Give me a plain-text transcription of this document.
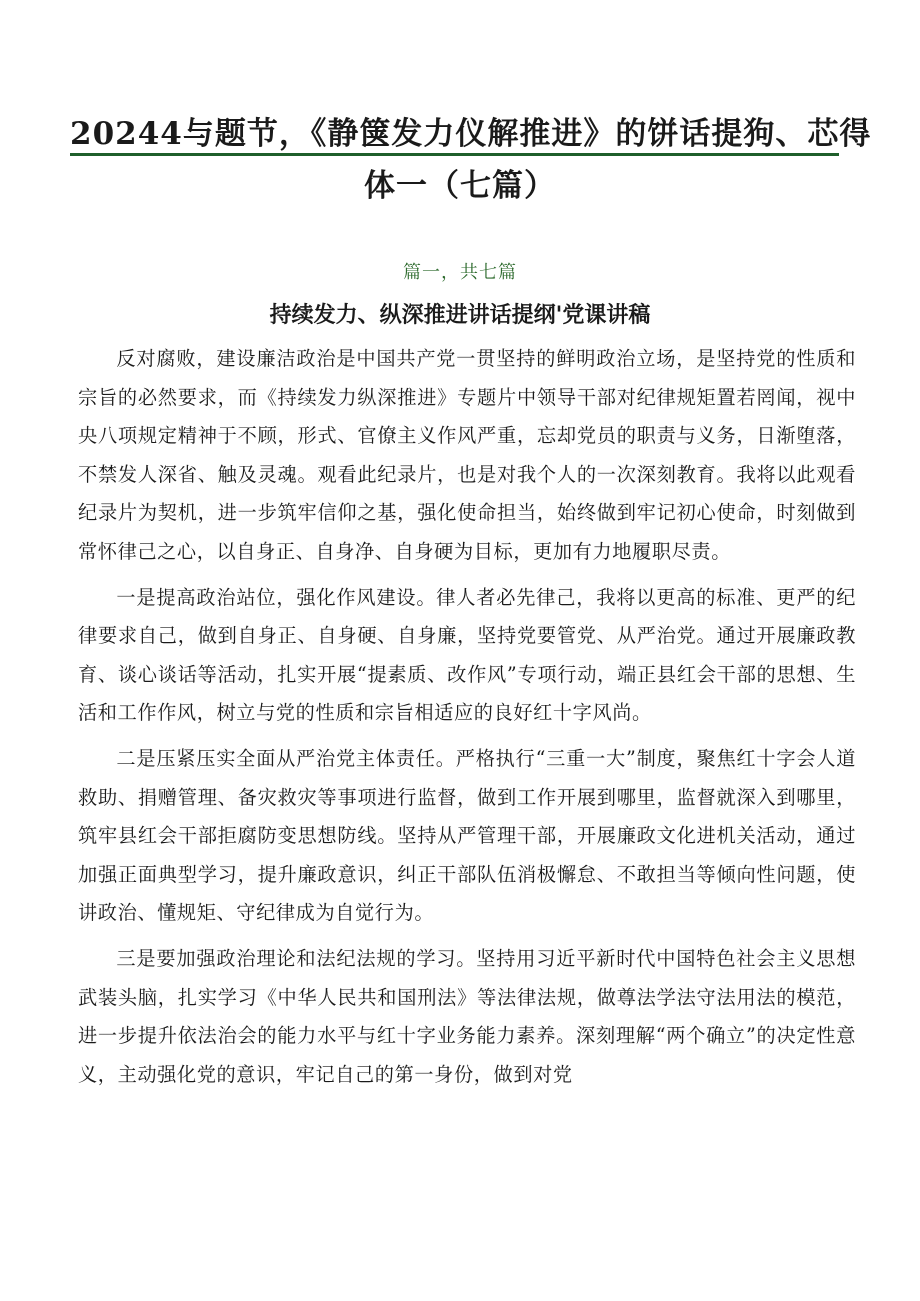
20244与题节，《静箧发力仪解推进》的饼话提狗、芯得
体一（七篇）
篇一，共七篇
持续发力、纵深推进讲话提纲'党课讲稿

反对腐败，建设廉洁政治是中国共产党一贯坚持的鲜明政治立场，是坚持党的性质和宗旨的必然要求，而《持续发力纵深推进》专题片中领导干部对纪律规矩置若罔闻，视中央八项规定精神于不顾，形式、官僚主义作风严重，忘却党员的职责与义务，日渐堕落，不禁发人深省、触及灵魂。观看此纪录片，也是对我个人的一次深刻教育。我将以此观看纪录片为契机，进一步筑牢信仰之基，强化使命担当，始终做到牢记初心使命，时刻做到常怀律己之心，以自身正、自身净、自身硬为目标，更加有力地履职尽责。

一是提高政治站位，强化作风建设。律人者必先律己，我将以更高的标准、更严的纪律要求自己，做到自身正、自身硬、自身廉，坚持党要管党、从严治党。通过开展廉政教育、谈心谈话等活动，扎实开展“提素质、改作风”专项行动，端正县红会干部的思想、生活和工作作风，树立与党的性质和宗旨相适应的良好红十字风尚。

二是压紧压实全面从严治党主体责任。严格执行“三重一大”制度，聚焦红十字会人道救助、捐赠管理、备灾救灾等事项进行监督，做到工作开展到哪里，监督就深入到哪里，筑牢县红会干部拒腐防变思想防线。坚持从严管理干部，开展廉政文化进机关活动，通过加强正面典型学习，提升廉政意识，纠正干部队伍消极懈怠、不敢担当等倾向性问题，使讲政治、懂规矩、守纪律成为自觉行为。

三是要加强政治理论和法纪法规的学习。坚持用习近平新时代中国特色社会主义思想武装头脑，扎实学习《中华人民共和国刑法》等法律法规，做尊法学法守法用法的模范，进一步提升依法治会的能力水平与红十字业务能力素养。深刻理解“两个确立”的决定性意义，主动强化党的意识，牢记自己的第一身份，做到对党
